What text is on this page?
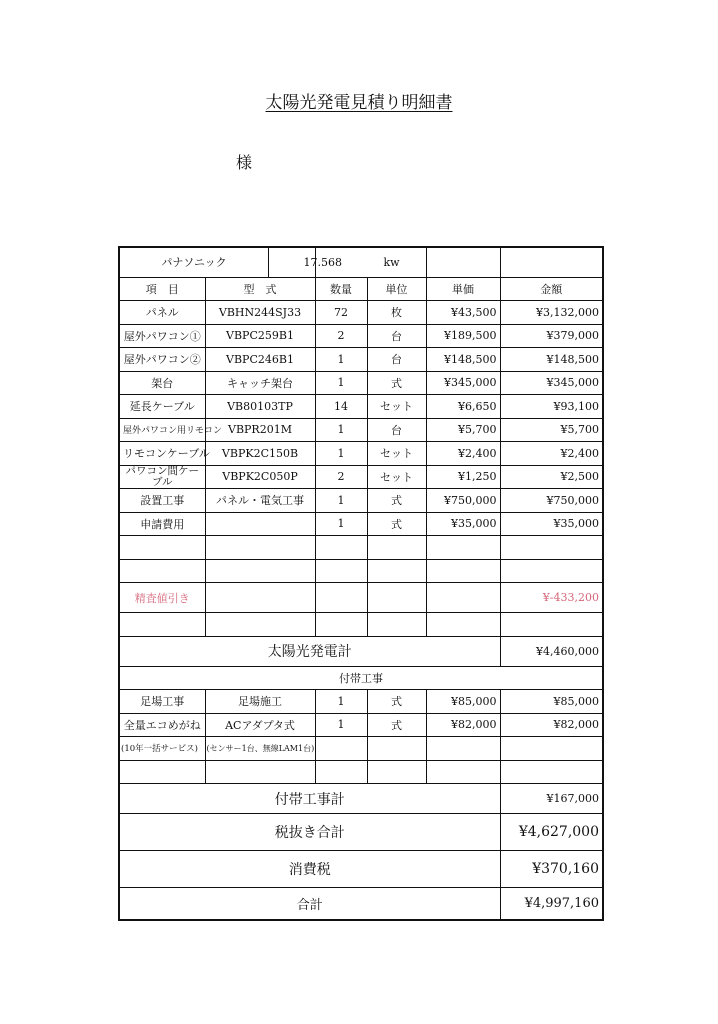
太陽光発電見積り明細書
様
パナソニック		17.568 kw			
項　目	型　式	数量	単位	単価	金額
パネル	VBHN244SJ33	72	枚	¥43,500	¥3,132,000
屋外パワコン①	VBPC259B1	2	台	¥189,500	¥379,000
屋外パワコン②	VBPC246B1	1	台	¥148,500	¥148,500
架台	キャッチ架台	1	式	¥345,000	¥345,000
延長ケーブル	VB80103TP	14	セット	¥6,650	¥93,100
屋外パワコン用リモコン	VBPR201M	1	台	¥5,700	¥5,700
リモコンケーブル	VBPK2C150B	1	セット	¥2,400	¥2,400
パワコン間ケーブル	VBPK2C050P	2	セット	¥1,250	¥2,500
設置工事	パネル・電気工事	1	式	¥750,000	¥750,000
申請費用		1	式	¥35,000	¥35,000

精査値引き					¥-433,200

太陽光発電計					¥4,460,000
付帯工事					
足場工事	足場施工	1	式	¥85,000	¥85,000
全量エコめがね	ACアダプタ式	1	式	¥82,000	¥82,000
(10年一括サービス)	(センサー1台、無線LAM1台)				

付帯工事計					¥167,000
税抜き合計					¥4,627,000
消費税					¥370,160
合計					¥4,997,160
